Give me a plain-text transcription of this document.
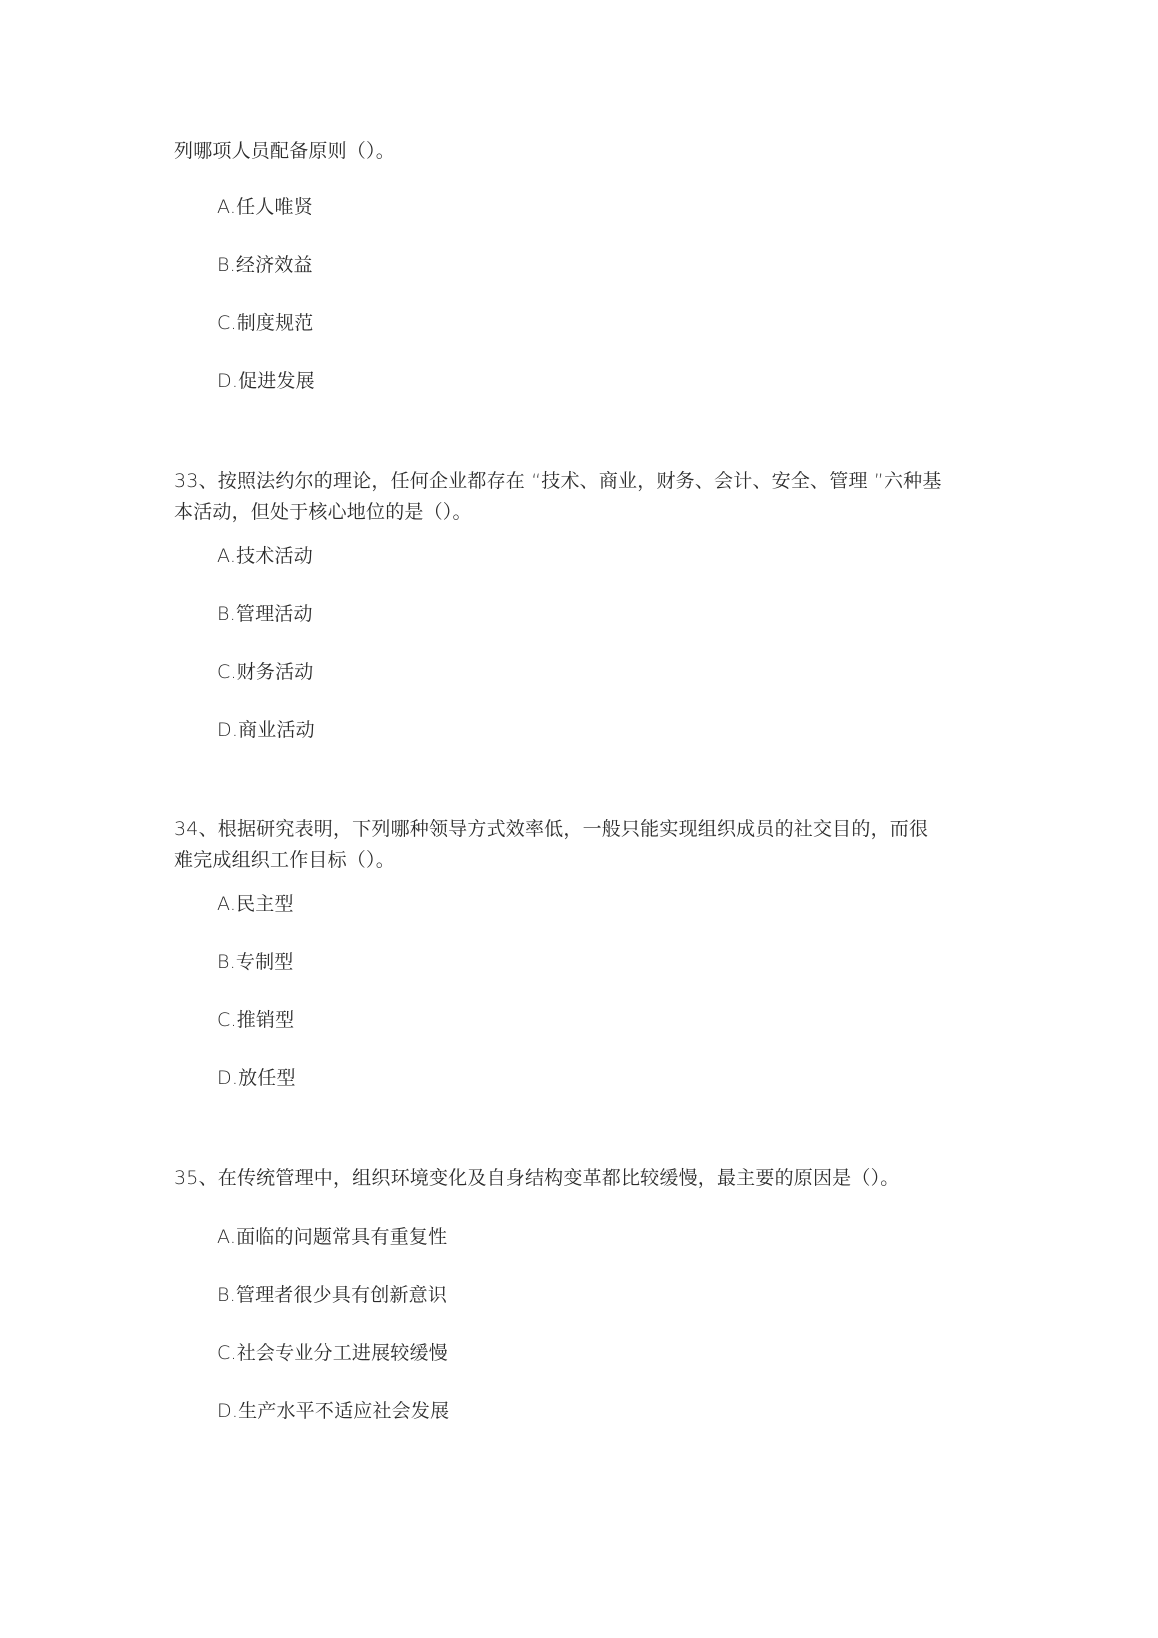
列哪项人员配备原则（）。

A.任人唯贤
B.经济效益
C.制度规范
D.促进发展

33、按照法约尔的理论，任何企业都存在 “技术、商业，财务、会计、安全、管理 ”六种基

本活动，但处于核心地位的是（）。

A.技术活动
B.管理活动
C.财务活动
D.商业活动

34、根据研究表明，下列哪种领导方式效率低，一般只能实现组织成员的社交目的，而很

难完成组织工作目标（）。

A.民主型
B.专制型
C.推销型
D.放任型

35、在传统管理中，组织环境变化及自身结构变革都比较缓慢，最主要的原因是（）。

A.面临的问题常具有重复性
B.管理者很少具有创新意识
C.社会专业分工进展较缓慢
D.生产水平不适应社会发展
